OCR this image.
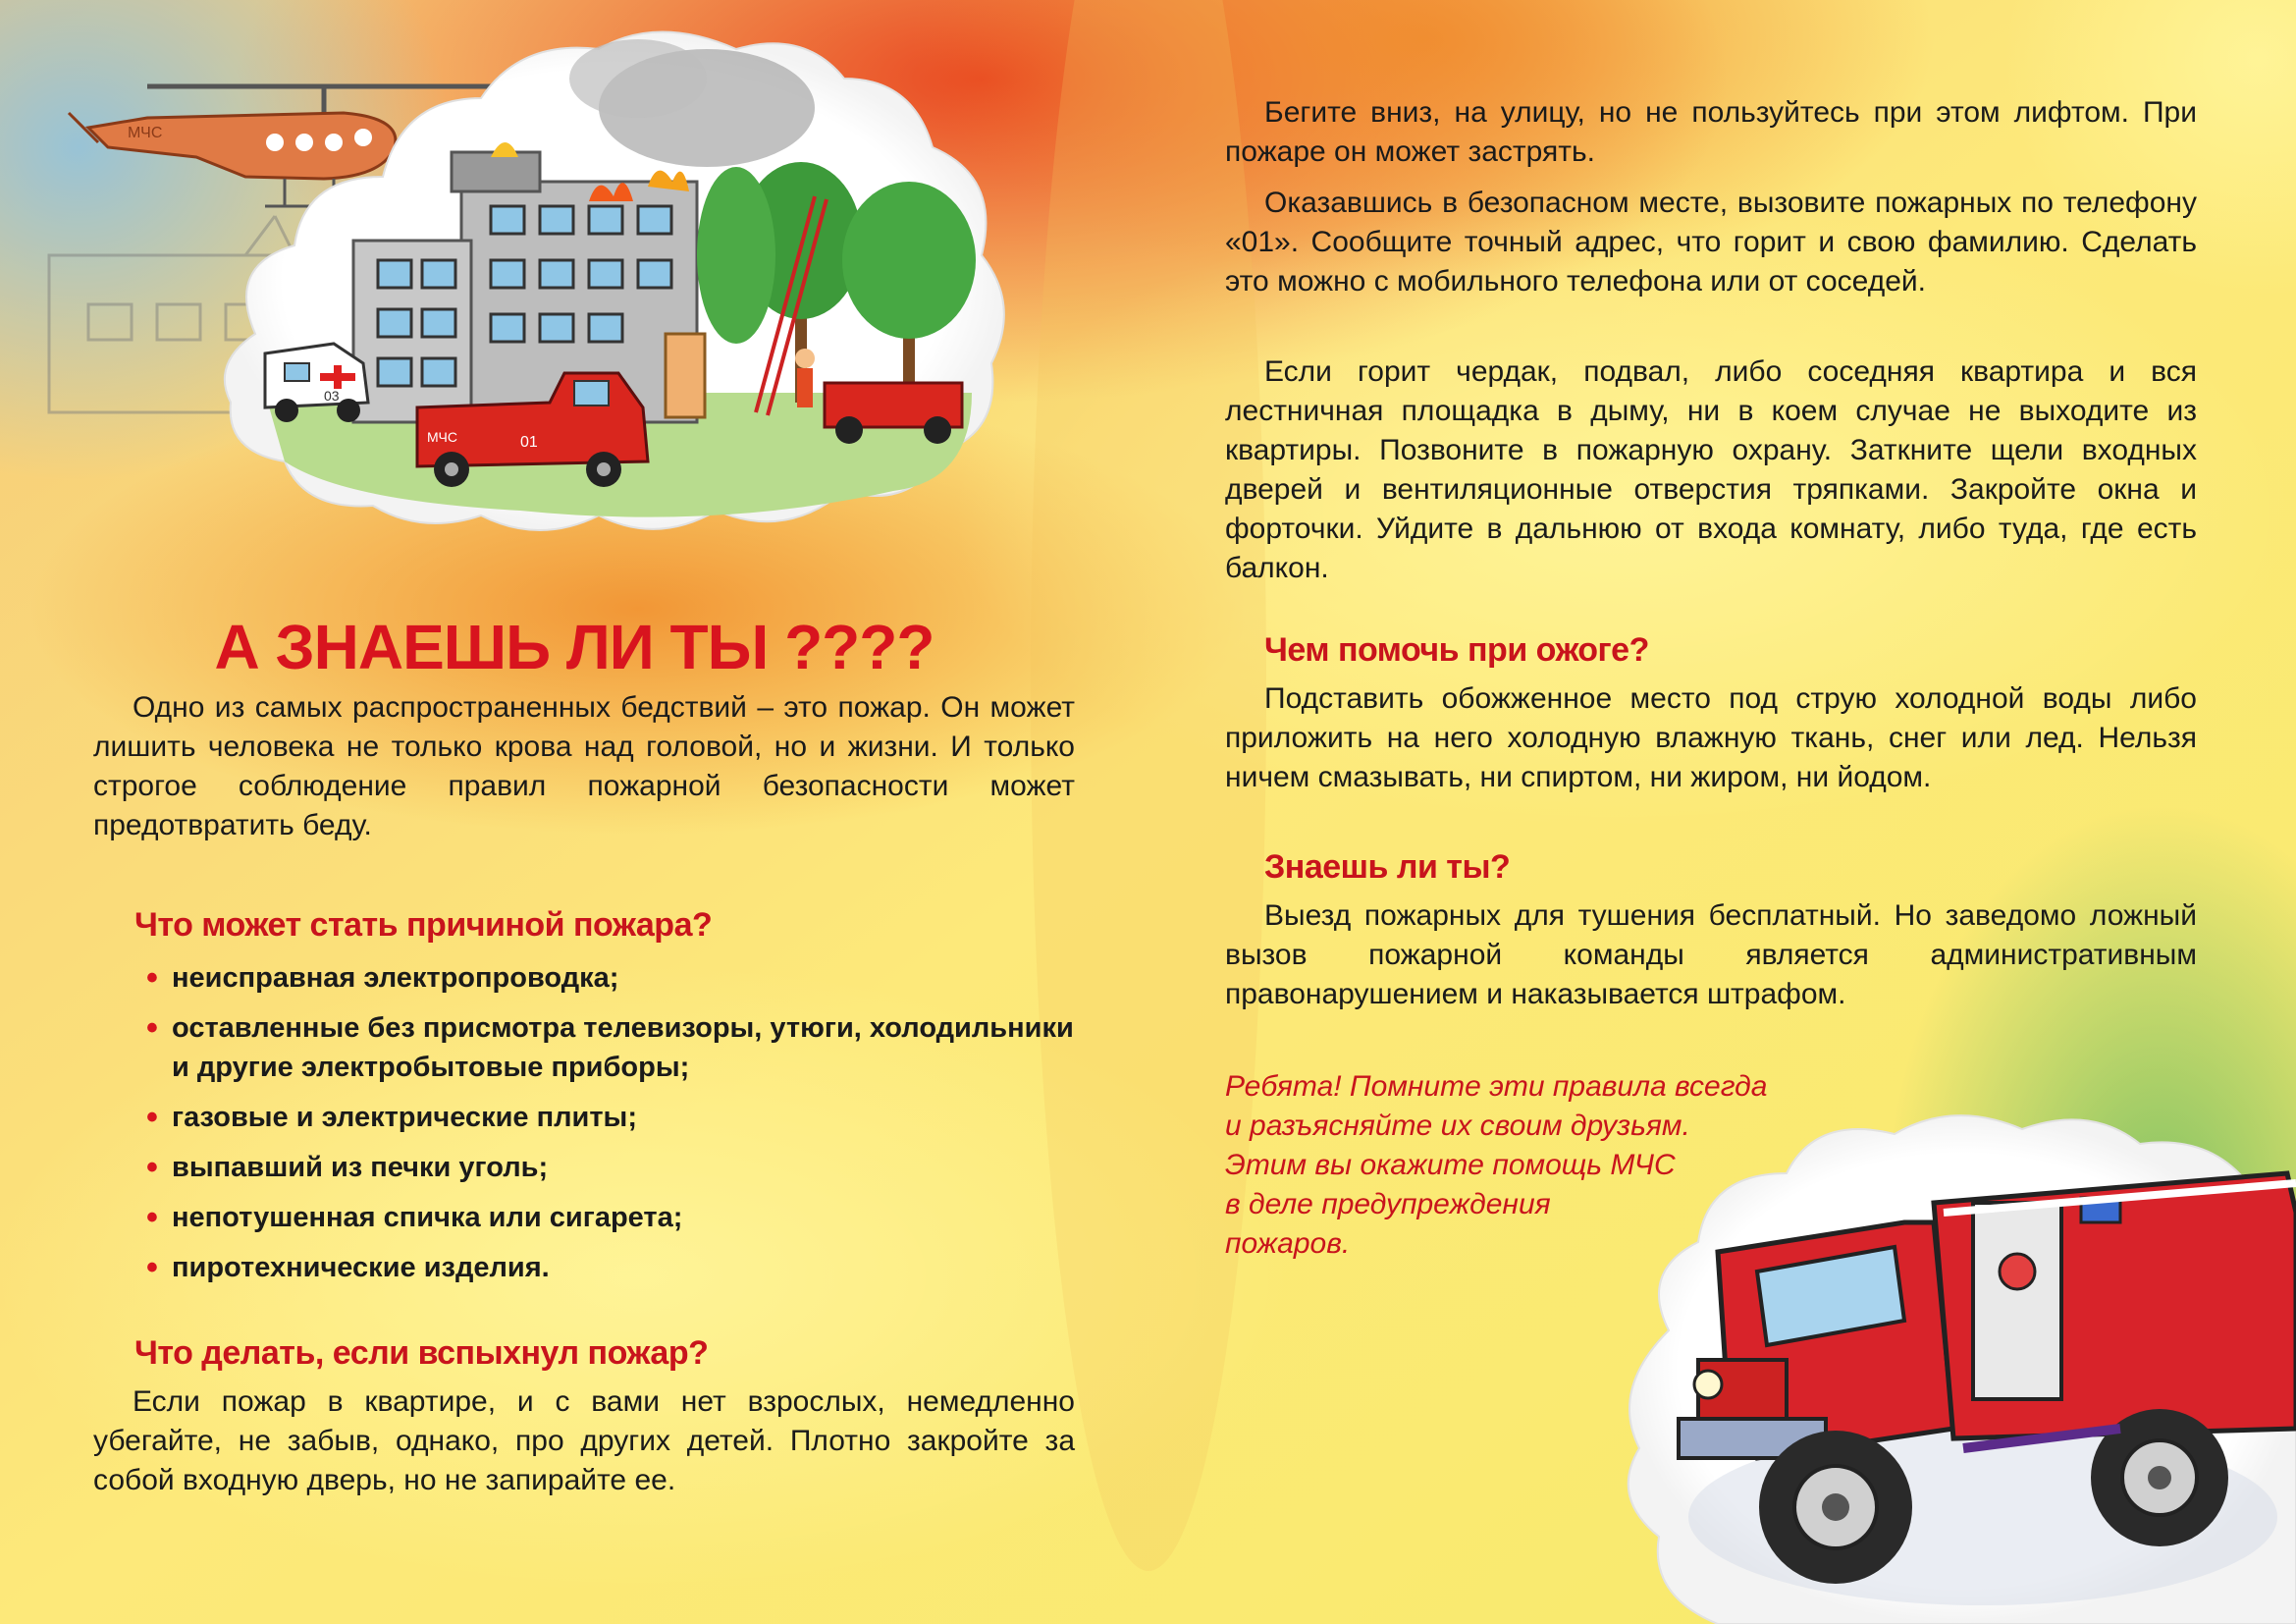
МЧС
03
МЧС	01
А ЗНАЕШЬ ЛИ ТЫ ????

Одно из самых распространенных бедствий – это пожар. Он может лишить человека не только крова над головой, но и жизни. И только строгое соблюдение правил пожарной безопасности может предотвратить беду.

Что может стать причиной пожара?
• неисправная электропроводка;
• оставленные без присмотра телевизоры, утюги, холодильники и другие электробытовые приборы;
• газовые и электрические плиты;
• выпавший из печки уголь;
• непотушенная спичка или сигарета;
• пиротехнические изделия.
Что делать, если вспыхнул пожар?

Если пожар в квартире, и с вами нет взрослых, немедленно убегайте, не забыв, однако, про других детей. Плотно закройте за собой входную дверь, но не запирайте ее.

Бегите вниз, на улицу, но не пользуйтесь при этом лифтом. При пожаре он может застрять.

Оказавшись в безопасном месте, вызовите пожарных по телефону «01». Сообщите точный адрес, что горит и свою фамилию. Сделать это можно с мобильного телефона или от соседей.

Если горит чердак, подвал, либо соседняя квартира и вся лестничная площадка в дыму, ни в коем случае не выходите из квартиры. Позвоните в пожарную охрану. Заткните щели входных дверей и вентиляционные отверстия тряпками. Закройте окна и форточки. Уйдите в дальнюю от входа комнату, либо туда, где есть балкон.

Чем помочь при ожоге?

Подставить обожженное место под струю холодной воды либо приложить на него холодную влажную ткань, снег или лед. Нельзя ничем смазывать, ни спиртом, ни жиром, ни йодом.

Знаешь ли ты?

Выезд пожарных для тушения бесплатный. Но заведомо ложный вызов пожарной команды является административным правонарушением и наказывается штрафом.

Ребята! Помните эти правила всегда

и разъясняйте их своим друзьям.

Этим вы окажите помощь МЧС

в деле предупреждения

пожаров.
